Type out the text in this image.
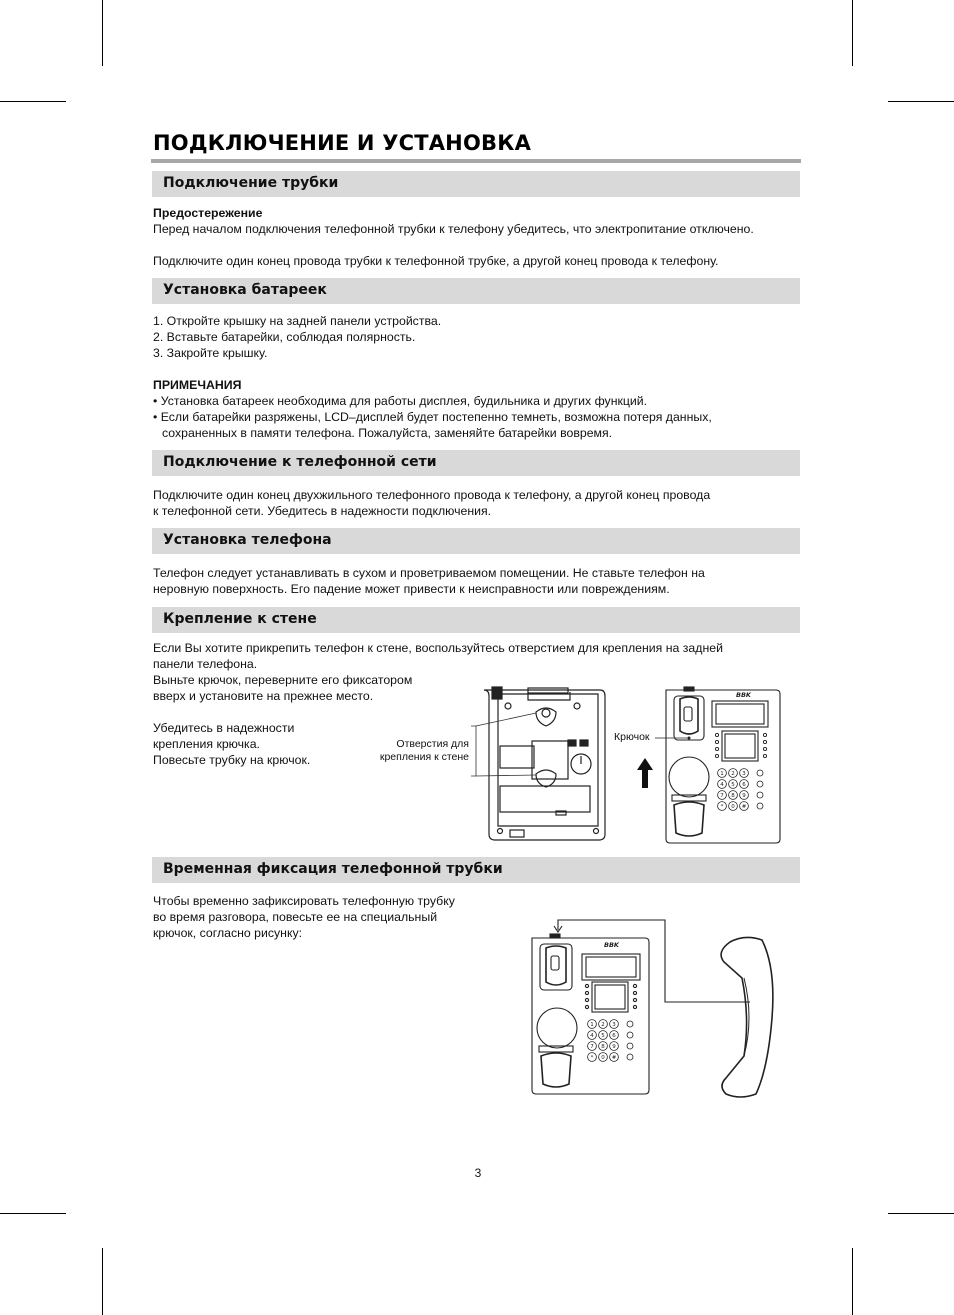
ПОДКЛЮЧЕНИЕ И УСТАНОВКА
Подключение трубки

Предостережение

Перед началом подключения телефонной трубки к телефону убедитесь, что электропитание отключено.

Подключите один конец провода трубки к телефонной трубке, а другой конец провода к телефону.

Установка батареек

1. Откройте крышку на задней панели устройства.

2. Вставьте батарейки, соблюдая полярность.

3. Закройте крышку.

ПРИМЕЧАНИЯ

• Установка батареек необходима для работы дисплея, будильника и других функций.

• Если батарейки разряжены, LCD–дисплей будет постепенно темнеть, возможна потеря данных,

сохраненных в памяти телефона. Пожалуйста, заменяйте батарейки вовремя.

Подключение к телефонной сети

Подключите один конец двухжильного телефонного провода к телефону, а другой конец провода

к телефонной сети. Убедитесь в надежности подключения.

Установка телефона

Телефон следует устанавливать в сухом и проветриваемом помещении. Не ставьте телефон на

неровную поверхность. Его падение может привести к неисправности или повреждениям.

Крепление к стене

Если Вы хотите прикрепить телефон к стене, воспользуйтесь отверстием для крепления на задней

панели телефона.

Выньте крючок, переверните его фиксатором

вверх и установите на прежнее место.

Убедитесь в надежности

крепления крючка.

Повесьте трубку на крючок.

Отверстия для
крепления к стене
Крючок
BBK
1 2 3
4 5 6
7 8 9
* 0 #
Временная фиксация телефонной трубки

Чтобы временно зафиксировать телефонную трубку

во время разговора, повесьте ее на специальный

крючок, согласно рисунку:

BBK
1 2 3
4 5 6
7 8 9
* 0 #
3
